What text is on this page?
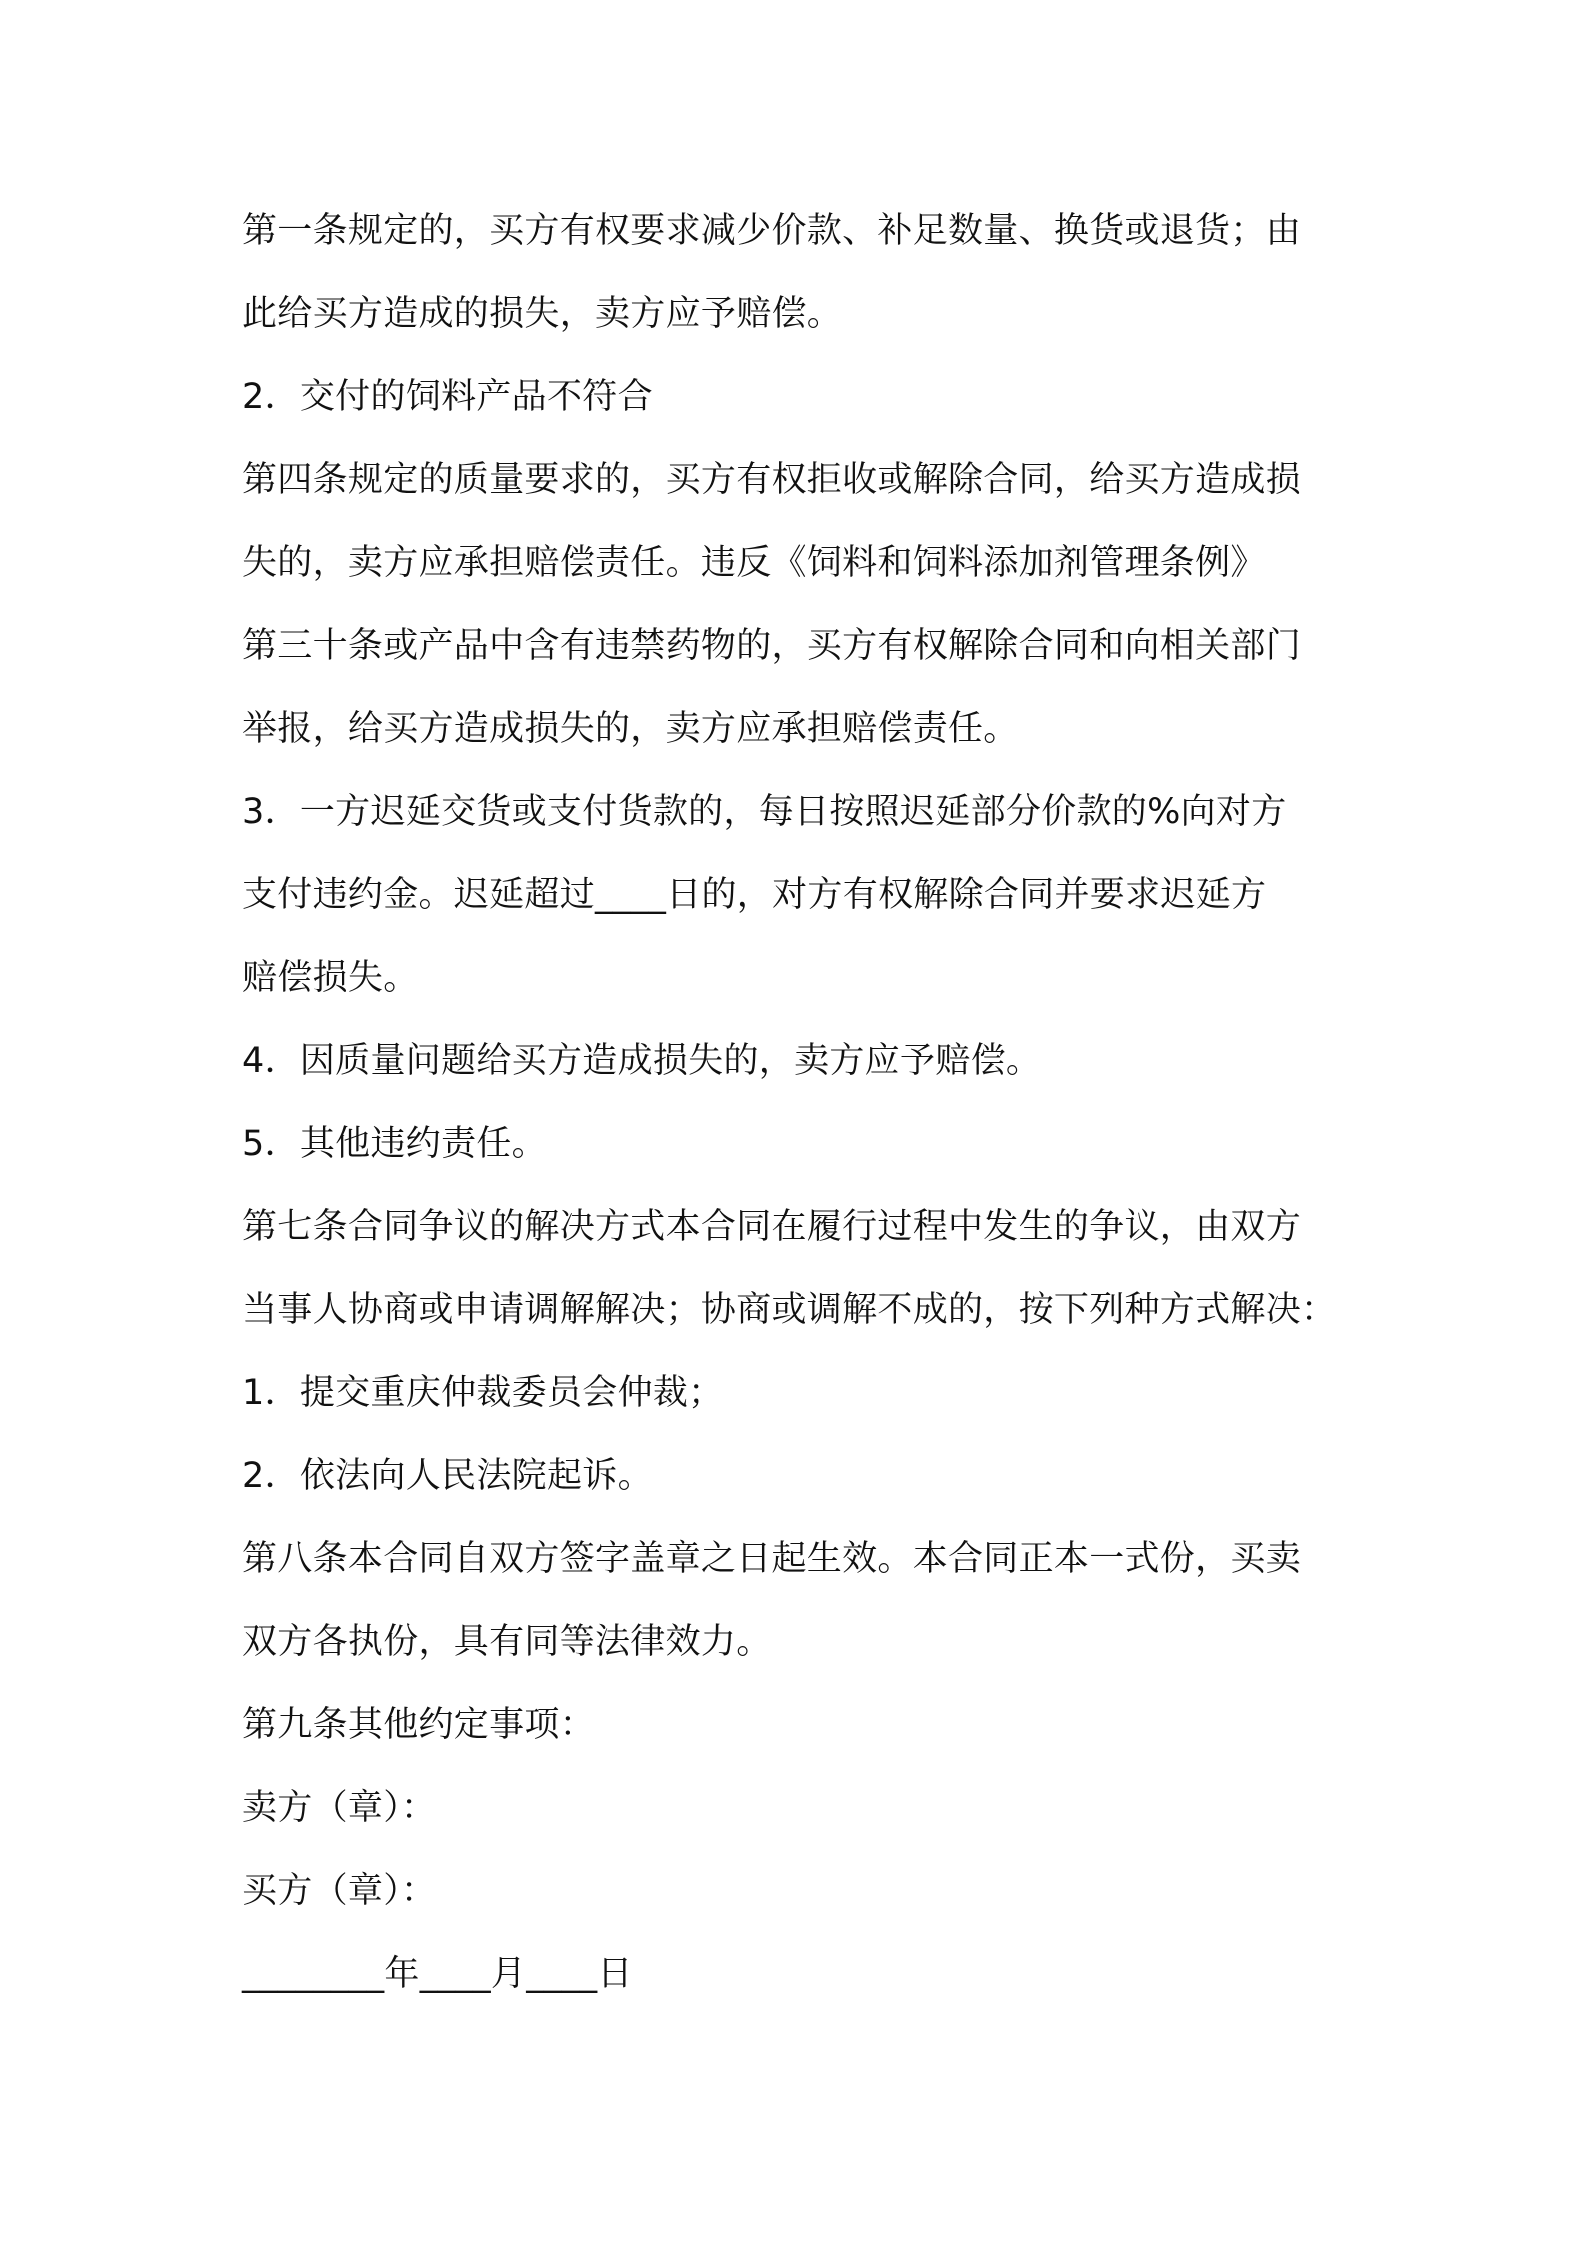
第一条规定的，买方有权要求减少价款、补足数量、换货或退货；由
此给买方造成的损失，卖方应予赔偿。
2．交付的饲料产品不符合
第四条规定的质量要求的，买方有权拒收或解除合同，给买方造成损
失的，卖方应承担赔偿责任。违反《饲料和饲料添加剂管理条例》
第三十条或产品中含有违禁药物的，买方有权解除合同和向相关部门
举报，给买方造成损失的，卖方应承担赔偿责任。
3．一方迟延交货或支付货款的，每日按照迟延部分价款的%向对方
支付违约金。迟延超过____日的，对方有权解除合同并要求迟延方
赔偿损失。
4．因质量问题给买方造成损失的，卖方应予赔偿。
5．其他违约责任。
第七条合同争议的解决方式本合同在履行过程中发生的争议，由双方
当事人协商或申请调解解决；协商或调解不成的，按下列种方式解决：
1．提交重庆仲裁委员会仲裁；
2．依法向人民法院起诉。
第八条本合同自双方签字盖章之日起生效。本合同正本一式份，买卖
双方各执份，具有同等法律效力。
第九条其他约定事项：
卖方（章）：
买方（章）：
________年____月____日
